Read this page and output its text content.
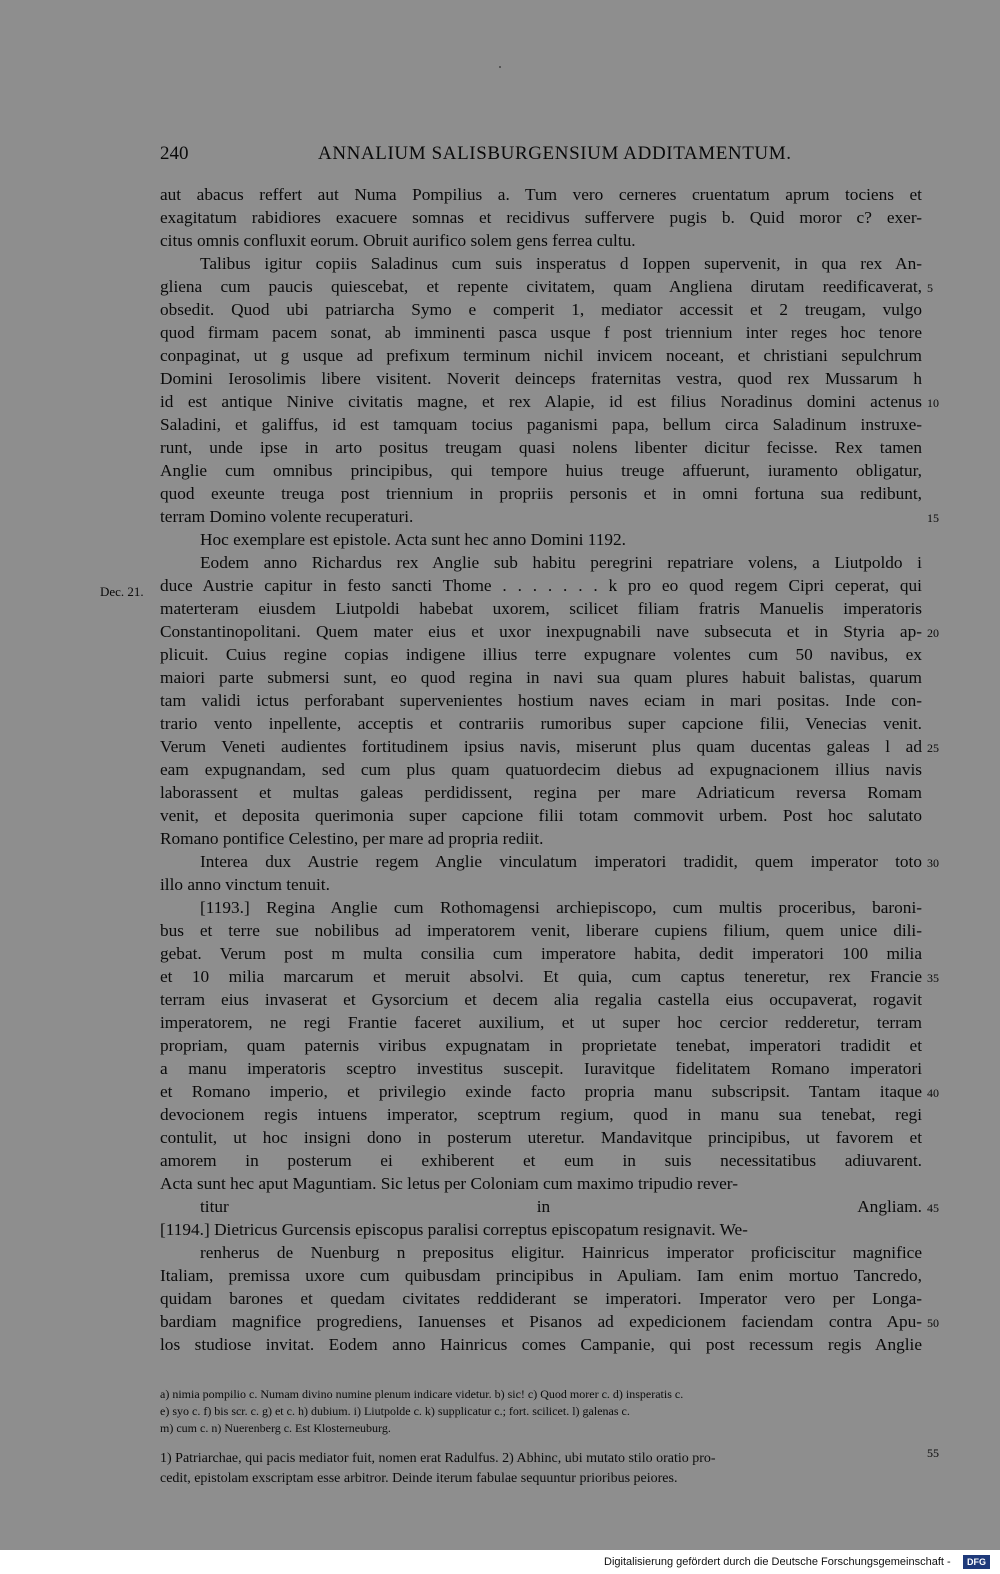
240	ANNALIUM SALISBURGENSIUM ADDITAMENTUM.
aut abacus reffert aut Numa Pompilius a. Tum vero cerneres cruentatum aprum tociens et
exagitatum rabidiores exacuere somnas et recidivus suffervere pugis b. Quid moror c? exer-
citus omnis confluxit eorum. Obruit aurifico solem gens ferrea cultu.
Talibus igitur copiis Saladinus cum suis insperatus d Ioppen supervenit, in qua rex An-
gliena cum paucis quiescebat, et repente civitatem, quam Angliena dirutam reedificaverat,
obsedit. Quod ubi patriarcha Symo e comperit 1, mediator accessit et 2 treugam, vulgo
quod firmam pacem sonat, ab imminenti pasca usque f post triennium inter reges hoc tenore
conpaginat, ut g usque ad prefixum terminum nichil invicem noceant, et christiani sepulchrum
Domini Ierosolimis libere visitent. Noverit deinceps fraternitas vestra, quod rex Mussarum h
id est antique Ninive civitatis magne, et rex Alapie, id est filius Noradinus domini actenus
Saladini, et galiffus, id est tamquam tocius paganismi papa, bellum circa Saladinum instruxe-
runt, unde ipse in arto positus treugam quasi nolens libenter dicitur fecisse. Rex tamen
Anglie cum omnibus principibus, qui tempore huius treuge affuerunt, iuramento obligatur,
quod exeunte treuga post triennium in propriis personis et in omni fortuna sua redibunt,
terram Domino volente recuperaturi.
Hoc exemplare est epistole. Acta sunt hec anno Domini 1192.
Eodem anno Richardus rex Anglie sub habitu peregrini repatriare volens, a Liutpoldo i
duce Austrie capitur in festo sancti Thome . . . . . . . k pro eo quod regem Cipri ceperat, qui
materteram eiusdem Liutpoldi habebat uxorem, scilicet filiam fratris Manuelis imperatoris
Constantinopolitani. Quem mater eius et uxor inexpugnabili nave subsecuta et in Styria ap-
plicuit. Cuius regine copias indigene illius terre expugnare volentes cum 50 navibus, ex
maiori parte submersi sunt, eo quod regina in navi sua quam plures habuit balistas, quarum
tam validi ictus perforabant supervenientes hostium naves eciam in mari positas. Inde con-
trario vento inpellente, acceptis et contrariis rumoribus super capcione filii, Venecias venit.
Verum Veneti audientes fortitudinem ipsius navis, miserunt plus quam ducentas galeas l ad
eam expugnandam, sed cum plus quam quatuordecim diebus ad expugnacionem illius navis
laborassent et multas galeas perdidissent, regina per mare Adriaticum reversa Romam
venit, et deposita querimonia super capcione filii totam commovit urbem. Post hoc salutato
Romano pontifice Celestino, per mare ad propria rediit.
Interea dux Austrie regem Anglie vinculatum imperatori tradidit, quem imperator toto
illo anno vinctum tenuit.
[1193.] Regina Anglie cum Rothomagensi archiepiscopo, cum multis proceribus, baroni-
bus et terre sue nobilibus ad imperatorem venit, liberare cupiens filium, quem unice dili-
gebat. Verum post m multa consilia cum imperatore habita, dedit imperatori 100 milia
et 10 milia marcarum et meruit absolvi. Et quia, cum captus teneretur, rex Francie
terram eius invaserat et Gysorcium et decem alia regalia castella eius occupaverat, rogavit
imperatorem, ne regi Frantie faceret auxilium, et ut super hoc cercior redderetur, terram
propriam, quam paternis viribus expugnatam in proprietate tenebat, imperatori tradidit et
a manu imperatoris sceptro investitus suscepit. Iuravitque fidelitatem Romano imperatori
et Romano imperio, et privilegio exinde facto propria manu subscripsit. Tantam itaque
devocionem regis intuens imperator, sceptrum regium, quod in manu sua tenebat, regi
contulit, ut hoc insigni dono in posterum uteretur. Mandavitque principibus, ut favorem et
amorem in posterum ei exhiberent et eum in suis necessitatibus adiuvarent.
Acta sunt hec aput Maguntiam. Sic letus per Coloniam cum maximo tripudio rever-
titur in Angliam.
[1194.] Dietricus Gurcensis episcopus paralisi correptus episcopatum resignavit. We-
renherus de Nuenburg n prepositus eligitur. Hainricus imperator proficiscitur magnifice
Italiam, premissa uxore cum quibusdam principibus in Apuliam. Iam enim mortuo Tancredo,
quidam barones et quedam civitates reddiderant se imperatori. Imperator vero per Longa-
bardiam magnifice progrediens, Ianuenses et Pisanos ad expedicionem faciendam contra Apu-
los studiose invitat. Eodem anno Hainricus comes Campanie, qui post recessum regis Anglie
Dec. 21.
5
10
15
20
25
30
35
40
45
50
55
a) nimia pompilio c. Numam divino numine plenum indicare videtur. b) sic! c) Quod morer c. d) insperatis c.
e) syo c. f) bis scr. c. g) et c. h) dubium. i) Liutpolde c. k) supplicatur c.; fort. scilicet. l) galenas c.
m) cum c. n) Nuerenberg c. Est Klosterneuburg.
1) Patriarchae, qui pacis mediator fuit, nomen erat Radulfus. 2) Abhinc, ubi mutato stilo oratio pro-
cedit, epistolam exscriptam esse arbitror. Deinde iterum fabulae sequuntur prioribus peiores.
Digitalisierung gefördert durch die Deutsche Forschungsgemeinschaft -	DFG
